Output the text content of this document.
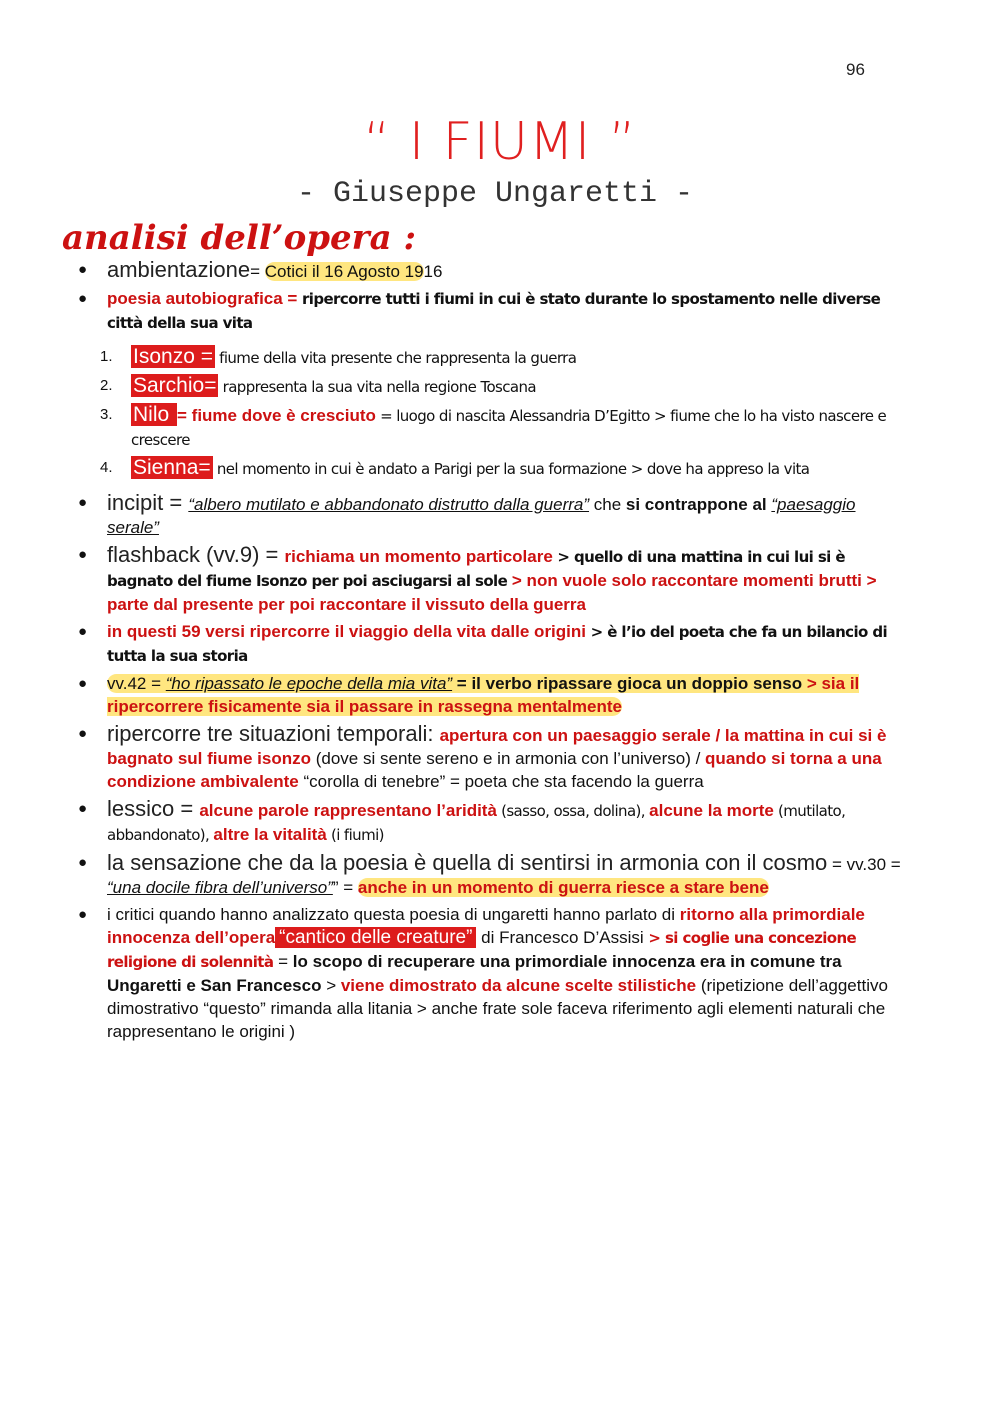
96
“ I FIUMI ”
- Giuseppe Ungaretti -
analisi dell’opera :
● ambientazione= Cotici il 16 Agosto 1916
● poesia autobiografica = ripercorre tutti i fiumi in cui è stato durante lo spostamento nelle diverse città della sua vita
1. Isonzo = fiume della vita presente che rappresenta la guerra
2. Sarchio= rappresenta la sua vita nella regione Toscana
3. Nilo = fiume dove è cresciuto = luogo di nascita Alessandria D’Egitto > fiume che lo ha visto nascere e crescere
4. Sienna= nel momento in cui è andato a Parigi per la sua formazione > dove ha appreso la vita
● incipit = “albero mutilato e abbandonato distrutto dalla guerra” che si contrappone al “paesaggio serale”
● flashback (vv.9) = richiama un momento particolare > quello di una mattina in cui lui si è bagnato del fiume Isonzo per poi asciugarsi al sole > non vuole solo raccontare momenti brutti > parte dal presente per poi raccontare il vissuto della guerra
● in questi 59 versi ripercorre il viaggio della vita dalle origini > è l’io del poeta che fa un bilancio di tutta la sua storia
● vv.42 = “ho ripassato le epoche della mia vita” = il verbo ripassare gioca un doppio senso > sia il ripercorrere fisicamente sia il passare in rassegna mentalmente
● ripercorre tre situazioni temporali: apertura con un paesaggio serale / la mattina in cui si è bagnato sul fiume isonzo (dove si sente sereno e in armonia con l’universo) / quando si torna a una condizione ambivalente “corolla di tenebre” = poeta che sta facendo la guerra
● lessico = alcune parole rappresentano l’aridità (sasso, ossa, dolina), alcune la morte (mutilato, abbandonato), altre la vitalità (i fiumi)
● la sensazione che da la poesia è quella di sentirsi in armonia con il cosmo = vv.30 = “una docile fibra dell’universo”” = anche in un momento di guerra riesce a stare bene
● i critici quando hanno analizzato questa poesia di ungaretti hanno parlato di ritorno alla primordiale innocenza dell’opera “cantico delle creature” di Francesco D’Assisi > si coglie una concezione religione di solennità = lo scopo di recuperare una primordiale innocenza era in comune tra Ungaretti e San Francesco > viene dimostrato da alcune scelte stilistiche (ripetizione dell’aggettivo dimostrativo “questo” rimanda alla litania > anche frate sole faceva riferimento agli elementi naturali che rappresentano le origini )
